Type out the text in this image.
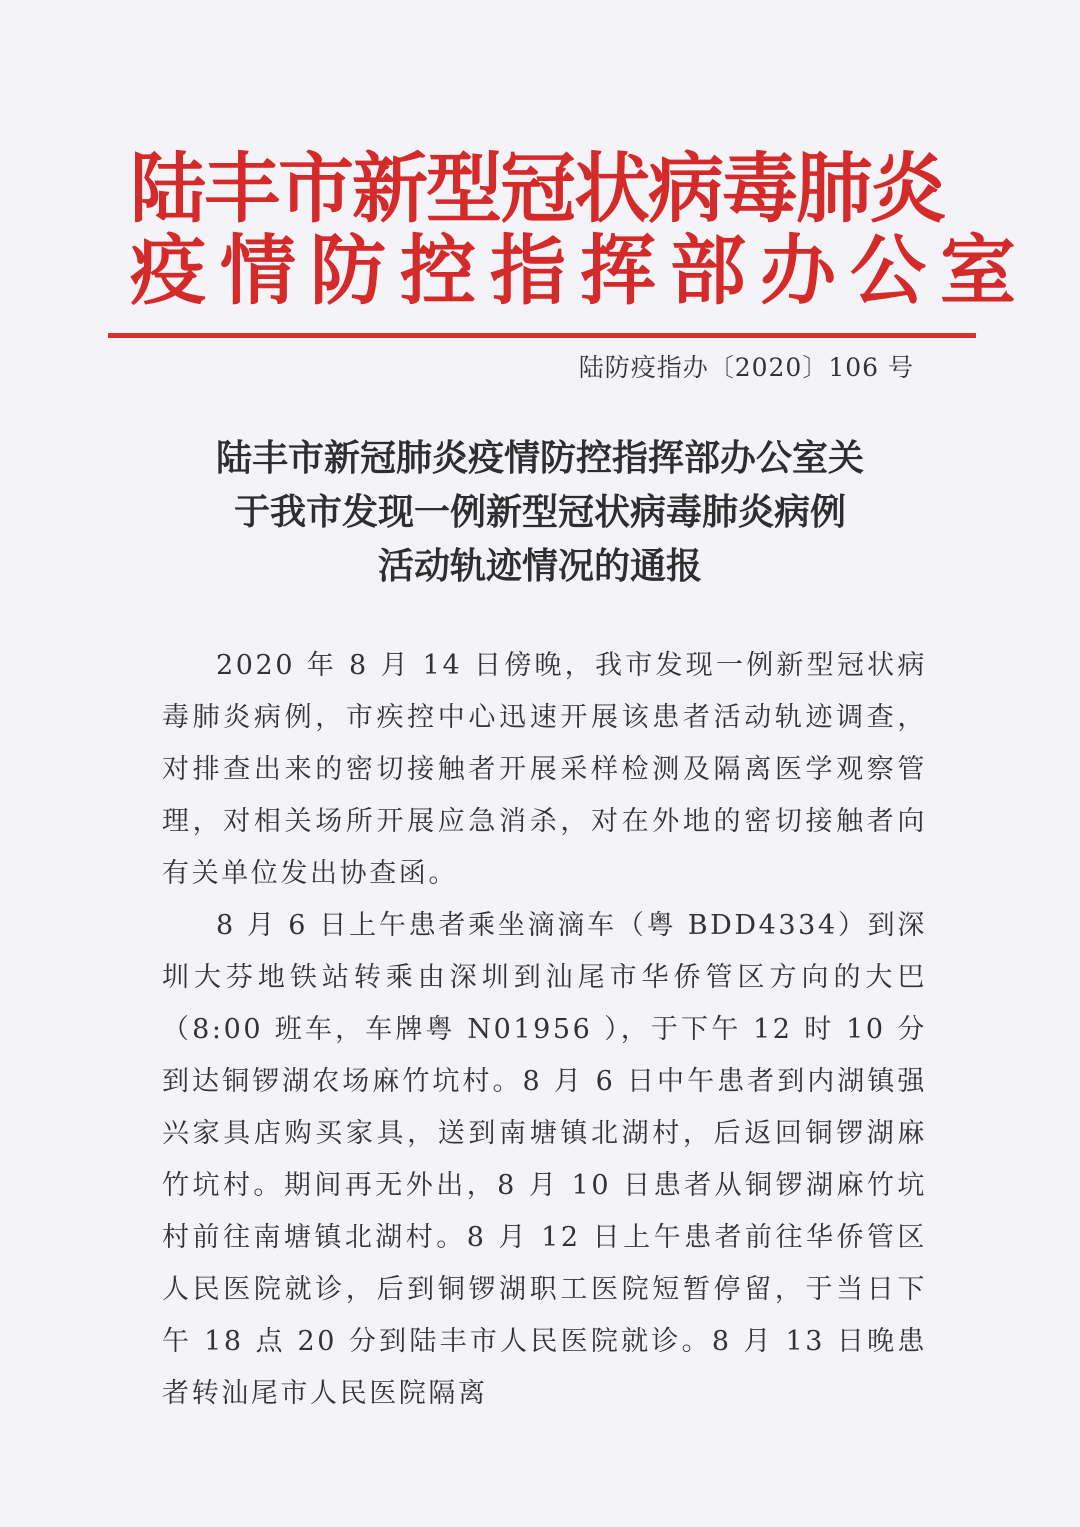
陆丰市新型冠状病毒肺炎
疫情防控指挥部办公室
陆防疫指办〔2020〕106 号
陆丰市新冠肺炎疫情防控指挥部办公室关
于我市发现一例新型冠状病毒肺炎病例
活动轨迹情况的通报

2020 年 8 月 14 日傍晚，我市发现一例新型冠状病毒肺炎病例，市疾控中心迅速开展该患者活动轨迹调查，对排查出来的密切接触者开展采样检测及隔离医学观察管理，对相关场所开展应急消杀，对在外地的密切接触者向有关单位发出协查函。

8 月 6 日上午患者乘坐滴滴车（粤 BDD4334）到深圳大芬地铁站转乘由深圳到汕尾市华侨管区方向的大巴（8:00 班车，车牌粤 N01956 ），于下午 12 时 10 分到达铜锣湖农场麻竹坑村。8 月 6 日中午患者到内湖镇强兴家具店购买家具，送到南塘镇北湖村，后返回铜锣湖麻竹坑村。期间再无外出，8 月 10 日患者从铜锣湖麻竹坑村前往南塘镇北湖村。8 月 12 日上午患者前往华侨管区人民医院就诊，后到铜锣湖职工医院短暂停留，于当日下午 18 点 20 分到陆丰市人民医院就诊。8 月 13 日晚患者转汕尾市人民医院隔离
